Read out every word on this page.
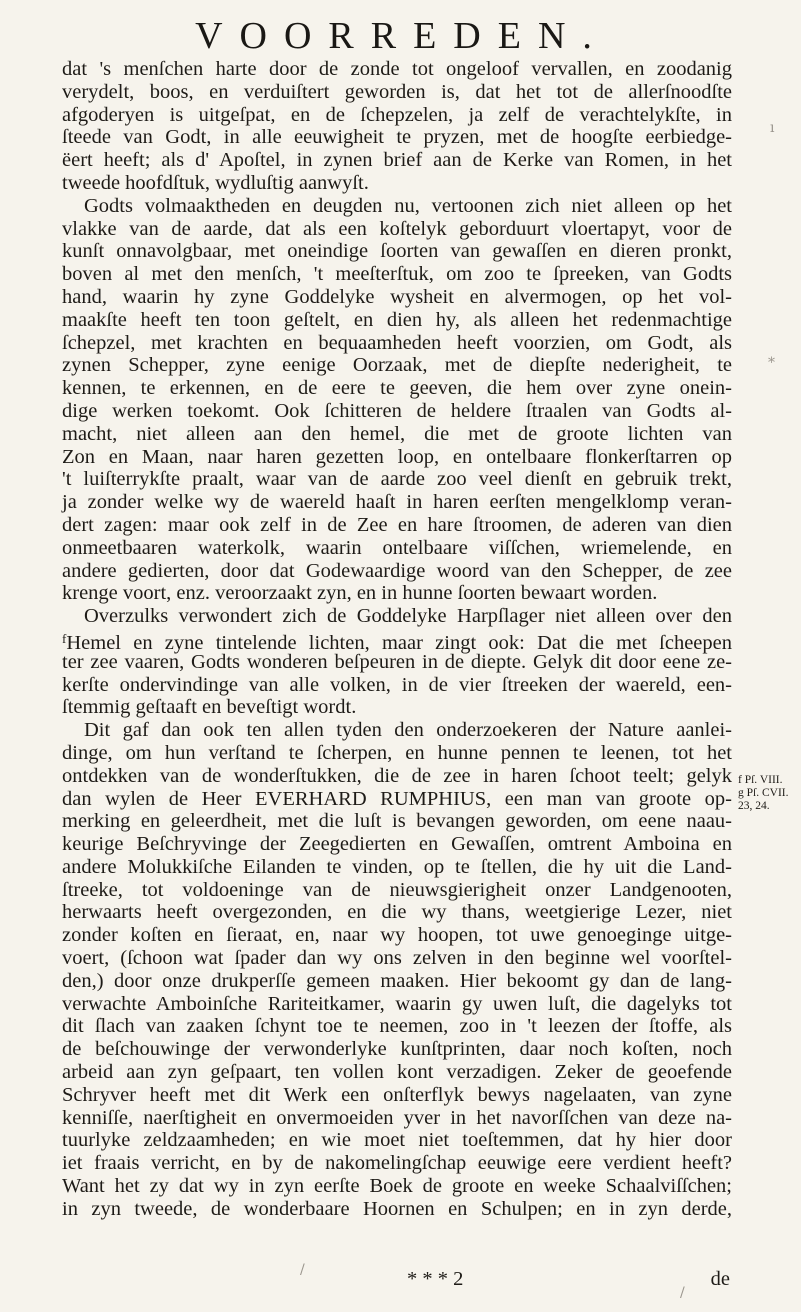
VOORREDEN.
dat 's menſchen harte door de zonde tot ongeloof vervallen, en zoodanig
verydelt, boos, en verduiſtert geworden is, dat het tot de allerſnoodſte
afgoderyen is uitgeſpat, en de ſchepzelen, ja zelf de verachtelykſte, in
ſteede van Godt, in alle eeuwigheit te pryzen, met de hoogſte eerbiedge-
ëert heeft; als d' Apoſtel, in zynen brief aan de Kerke van Romen, in het
tweede hoofdſtuk, wydluſtig aanwyſt.
Godts volmaaktheden en deugden nu, vertoonen zich niet alleen op het
vlakke van de aarde, dat als een koſtelyk geborduurt vloertapyt, voor de
kunſt onnavolgbaar, met oneindige ſoorten van gewaſſen en dieren pronkt,
boven al met den menſch, 't meeſterſtuk, om zoo te ſpreeken, van Godts
hand, waarin hy zyne Goddelyke wysheit en alvermogen, op het vol-
maakſte heeft ten toon geſtelt, en dien hy, als alleen het redenmachtige
ſchepzel, met krachten en bequaamheden heeft voorzien, om Godt, als
zynen Schepper, zyne eenige Oorzaak, met de diepſte nederigheit, te
kennen, te erkennen, en de eere te geeven, die hem over zyne onein-
dige werken toekomt. Ook ſchitteren de heldere ſtraalen van Godts al-
macht, niet alleen aan den hemel, die met de groote lichten van
Zon en Maan, naar haren gezetten loop, en ontelbaare flonkerſtarren op
't luiſterrykſte praalt, waar van de aarde zoo veel dienſt en gebruik trekt,
ja zonder welke wy de waereld haaſt in haren eerſten mengelklomp veran-
dert zagen: maar ook zelf in de Zee en hare ſtroomen, de aderen van dien
onmeetbaaren waterkolk, waarin ontelbaare viſſchen, wriemelende, en
andere gedierten, door dat Godewaardige woord van den Schepper, de zee
krenge voort, enz. veroorzaakt zyn, en in hunne ſoorten bewaart worden.
Overzulks verwondert zich de Goddelyke Harpſlager niet alleen over den
$^f$Hemel en zyne tintelende lichten, maar zingt ook: Dat die met ſcheepen
ter zee vaaren, Godts wonderen beſpeuren in de diepte. Gelyk dit door eene ze-
kerſte ondervindinge van alle volken, in de vier ſtreeken der waereld, een-
ſtemmig geſtaaft en beveſtigt wordt.
Dit gaf dan ook ten allen tyden den onderzoekeren der Nature aanlei-
dinge, om hun verſtand te ſcherpen, en hunne pennen te leenen, tot het
ontdekken van de wonderſtukken, die de zee in haren ſchoot teelt; gelyk
dan wylen de Heer EVERHARD RUMPHIUS, een man van groote op-
merking en geleerdheit, met die luſt is bevangen geworden, om eene naau-
keurige Beſchryvinge der Zeegedierten en Gewaſſen, omtrent Amboina en
andere Molukkiſche Eilanden te vinden, op te ſtellen, die hy uit die Land-
ſtreeke, tot voldoeninge van de nieuwsgierigheit onzer Landgenooten,
herwaarts heeft overgezonden, en die wy thans, weetgierige Lezer, niet
zonder koſten en ſieraat, en, naar wy hoopen, tot uwe genoeginge uitge-
voert, (ſchoon wat ſpader dan wy ons zelven in den beginne wel voorſtel-
den,) door onze drukperſſe gemeen maaken. Hier bekoomt gy dan de lang-
verwachte Amboinſche Rariteitkamer, waarin gy uwen luſt, die dagelyks tot
dit ſlach van zaaken ſchynt toe te neemen, zoo in 't leezen der ſtoffe, als
de beſchouwinge der verwonderlyke kunſtprinten, daar noch koſten, noch
arbeid aan zyn geſpaart, ten vollen kont verzadigen. Zeker de geoefende
Schryver heeft met dit Werk een onſterflyk bewys nagelaaten, van zyne
kenniſſe, naerſtigheit en onvermoeiden yver in het navorſſchen van deze na-
tuurlyke zeldzaamheden; en wie moet niet toeſtemmen, dat hy hier door
iet fraais verricht, en by de nakomelingſchap eeuwige eere verdient heeft?
Want het zy dat wy in zyn eerſte Boek de groote en weeke Schaalviſſchen;
in zyn tweede, de wonderbaare Hoornen en Schulpen; en in zyn derde,
f Pſ. VIII.
g Pſ. CVII.
23, 24.
* * * 2	de
ı
*
/
/
